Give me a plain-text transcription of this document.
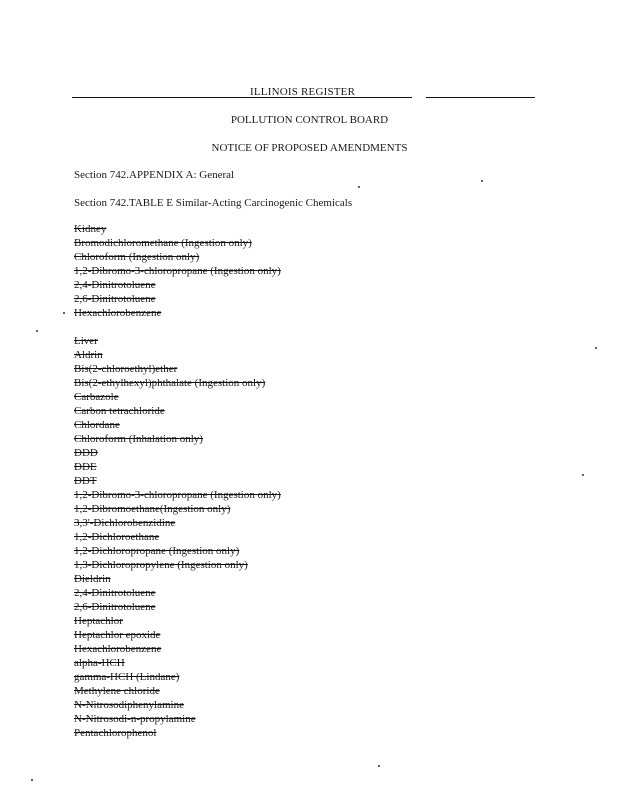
ILLINOIS REGISTER
POLLUTION CONTROL BOARD
NOTICE OF PROPOSED AMENDMENTS
Section 742.APPENDIX A: General
Section 742.TABLE E Similar-Acting Carcinogenic Chemicals
Kidney
Bromodichloromethane (Ingestion only)
Chloroform (Ingestion only)
1,2-Dibromo-3-chloropropane (Ingestion only)
2,4-Dinitrotoluene
2,6-Dinitrotoluene
Hexachlorobenzene
Liver
Aldrin
Bis(2-chloroethyl)ether
Bis(2-ethylhexyl)phthalate (Ingestion only)
Carbazole
Carbon tetrachloride
Chlordane
Chloroform (Inhalation only)
DDD
DDE
DDT
1,2-Dibromo-3-chloropropane (Ingestion only)
1,2-Dibromoethane(Ingestion only)
3,3'-Dichlorobenzidine
1,2-Dichloroethane
1,2-Dichloropropane (Ingestion only)
1,3-Dichloropropylene (Ingestion only)
Dieldrin
2,4-Dinitrotoluene
2,6-Dinitrotoluene
Heptachlor
Heptachlor epoxide
Hexachlorobenzene
alpha-HCH
gamma-HCH (Lindane)
Methylene chloride
N-Nitrosodiphenylamine
N-Nitrosodi-n-propylamine
Pentachlorophenol
